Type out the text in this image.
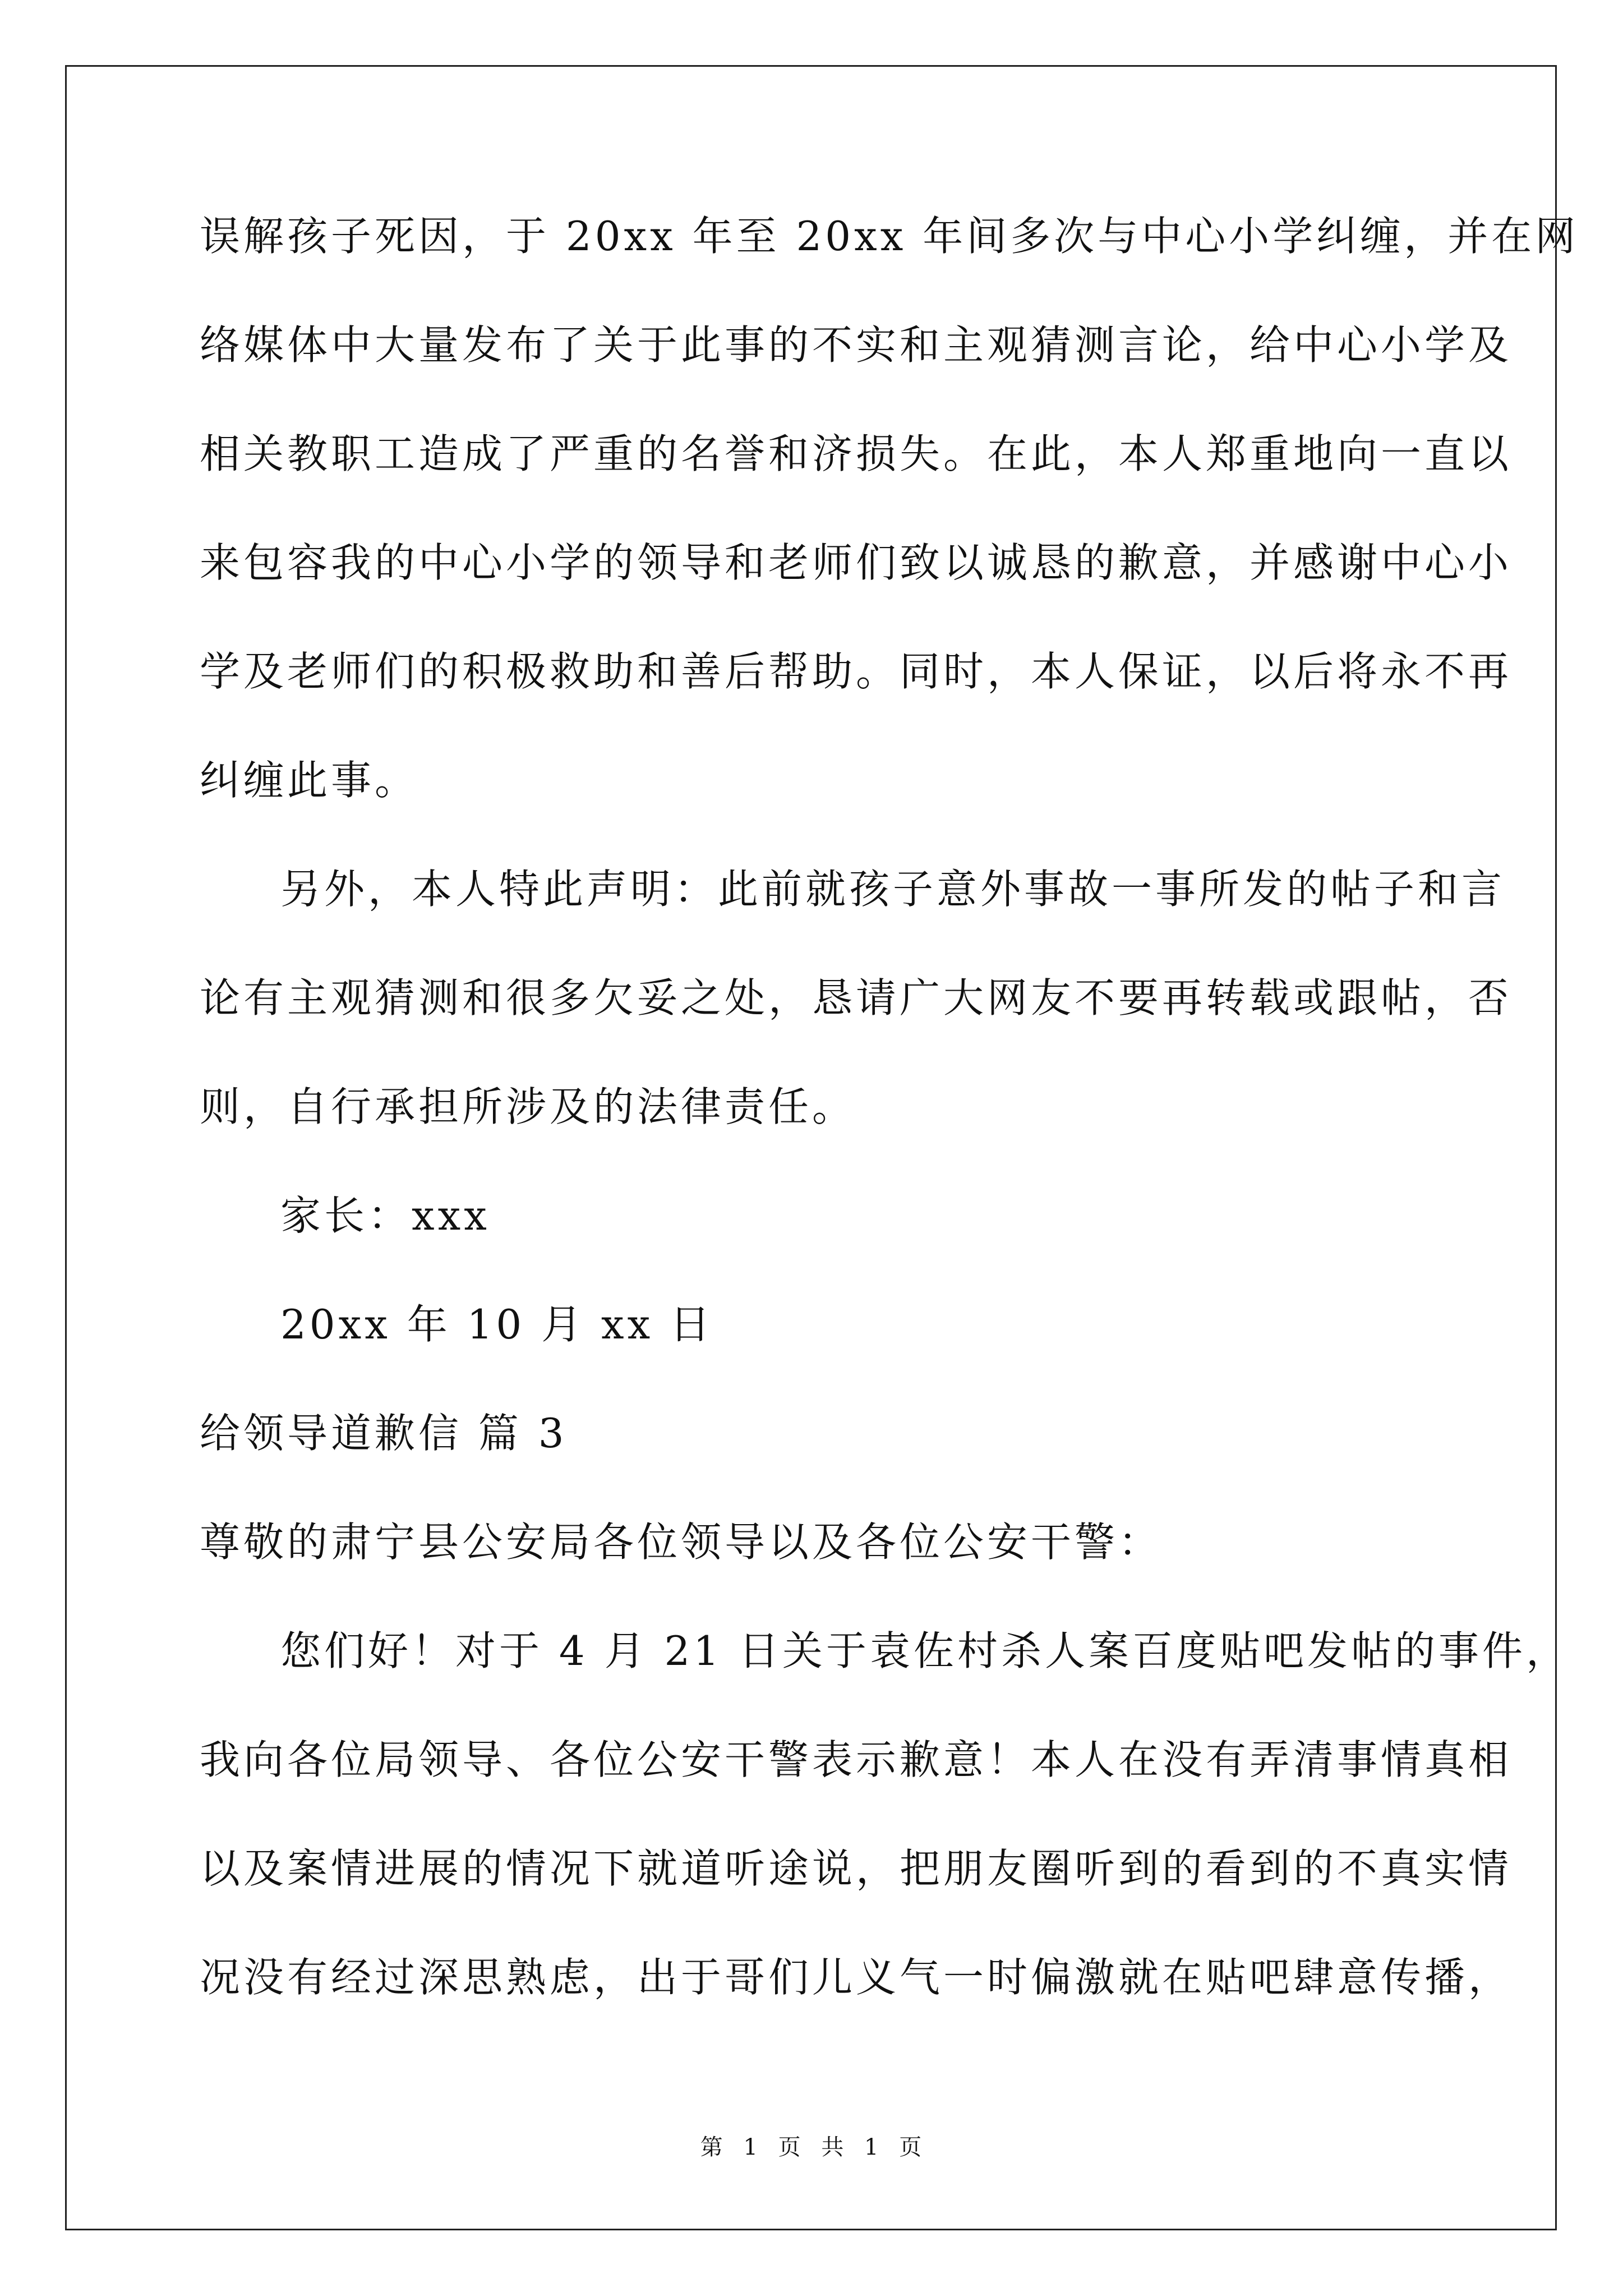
误解孩子死因，于 20xx 年至 20xx 年间多次与中心小学纠缠，并在网
络媒体中大量发布了关于此事的不实和主观猜测言论，给中心小学及
相关教职工造成了严重的名誉和济损失。在此，本人郑重地向一直以
来包容我的中心小学的领导和老师们致以诚恳的歉意，并感谢中心小
学及老师们的积极救助和善后帮助。同时，本人保证，以后将永不再
纠缠此事。
另外，本人特此声明：此前就孩子意外事故一事所发的帖子和言
论有主观猜测和很多欠妥之处，恳请广大网友不要再转载或跟帖，否
则，自行承担所涉及的法律责任。
家长：xxx
20xx 年 10 月 xx 日
给领导道歉信 篇 3
尊敬的肃宁县公安局各位领导以及各位公安干警：
您们好！对于 4 月 21 日关于袁佐村杀人案百度贴吧发帖的事件，
我向各位局领导、各位公安干警表示歉意！本人在没有弄清事情真相
以及案情进展的情况下就道听途说，把朋友圈听到的看到的不真实情
况没有经过深思熟虑，出于哥们儿义气一时偏激就在贴吧肆意传播，
第 1 页 共 1 页
